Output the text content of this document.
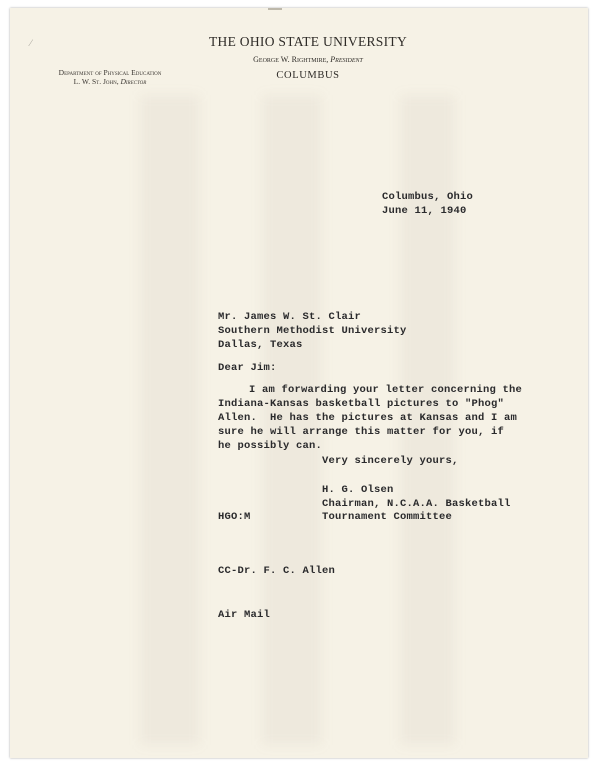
⁄	THE OHIO STATE UNIVERSITY
George W. Rightmire, President
COLUMBUS
Department of Physical Education
L. W. St. John, Director
Columbus, Ohio
June 11, 1940
Mr. James W. St. Clair
Southern Methodist University
Dallas, Texas
Dear Jim:
I am forwarding your letter concerning the
Indiana-Kansas basketball pictures to "Phog"
Allen.  He has the pictures at Kansas and I am
sure he will arrange this matter for you, if
he possibly can.
Very sincerely yours,
H. G. Olsen
Chairman, N.C.A.A. Basketball
Tournament Committee
HGO:M
CC-Dr. F. C. Allen
Air Mail
